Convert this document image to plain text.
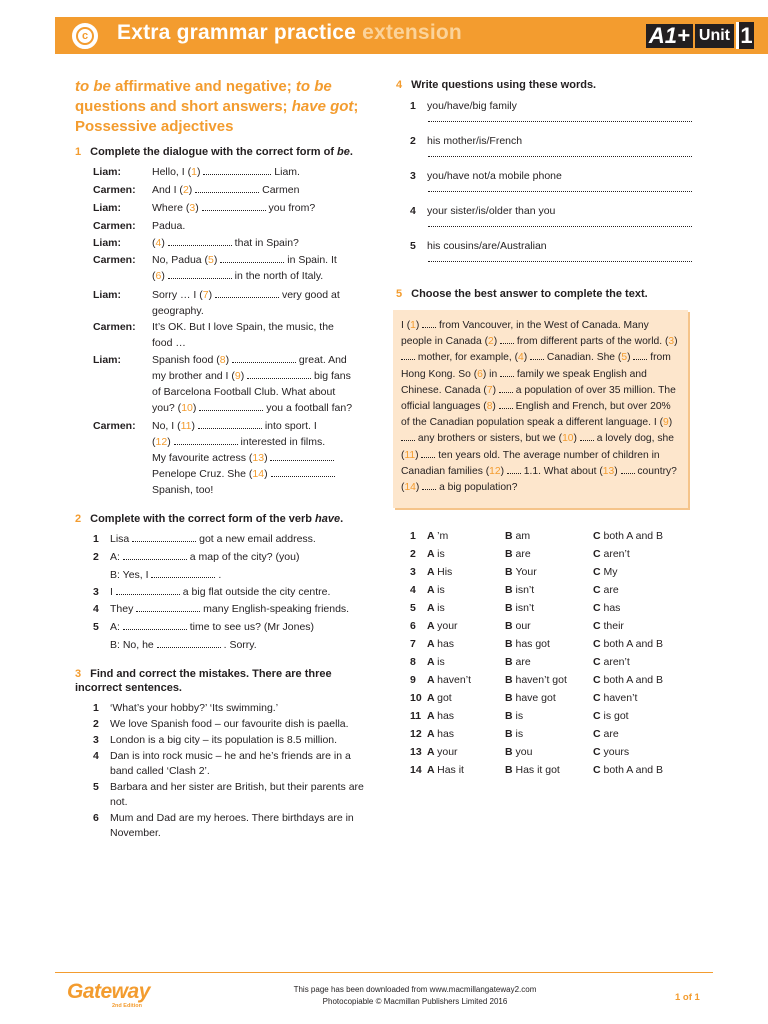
Extra grammar practice extension	A1+ Unit 1
c
to be affirmative and negative; to be questions and short answers; have got; Possessive adjectives
1 Complete the dialogue with the correct form of be.
Liam:	Hello, I (1)	Liam.
Carmen: And I (2)	Carmen
Liam:	Where (3)	you from?
Carmen: Padua.
Liam:	(4)	that in Spain?
Carmen: No, Padua (5)	in Spain. It
(6)	in the north of Italy.
Liam:	Sorry … I (7)	very good at
geography.
Carmen: It’s OK. But I love Spain, the music, the
food …
Liam:	Spanish food (8)	great. And
my brother and I (9)	big fans
of Barcelona Football Club. What about
you? (10)	you a football fan?
Carmen: No, I (11)	into sport. I
(12)	interested in films.
My favourite actress (13)
Penelope Cruz. She (14)
Spanish, too!
2 Complete with the correct form of the verb have.
1 Lisa	got a new email address.
2 A:	a map of the city? (you)
B: Yes, I	.
3 I	a big flat outside the city centre.
4 They	many English-speaking friends.
5 A:	time to see us? (Mr Jones)
B: No, he	. Sorry.
3 Find and correct the mistakes. There are three incorrect sentences.
1 ‘What’s your hobby?’ ‘Its swimming.’
2 We love Spanish food – our favourite dish is paella.
3 London is a big city – its population is 8.5 million.
4 Dan is into rock music – he and he’s friends are in a band called ‘Clash 2’.
5 Barbara and her sister are British, but their parents are not.
6 Mum and Dad are my heroes. There birthdays are in November.
4 Write questions using these words.
1 you/have/big family
2 his mother/is/French
3 you/have not/a mobile phone
4 your sister/is/older than you
5 his cousins/are/Australian
5 Choose the best answer to complete the text.
I (1)  from Vancouver, in the West of Canada. Many people in Canada (2)  from different parts of the world. (3)  mother, for example, (4)  Canadian. She (5)  from Hong Kong. So (6) in  family we speak English and Chinese. Canada (7)  a population of over 35 million. The official languages (8)  English and French, but over 20% of the Canadian population speak a different language. I (9)  any brothers or sisters, but we (10)  a lovely dog, she (11)  ten years old. The average number of children in Canadian families (12)  1.1. What about (13)  country? (14)  a big population?
1 A ’m	B am	C both A and B
2 A is	B are	C aren’t
3 A His	B Your	C My
4 A is	B isn’t	C are
5 A is	B isn’t	C has
6 A your	B our	C their
7 A has	B has got	C both A and B
8 A is	B are	C aren’t
9 A haven’t	B haven’t got C both A and B
10 A got	B have got	C haven’t
11 A has	B is	C is got
12 A has	B is	C are
13 A your	B you	C yours
14 A Has it	B Has it got	C both A and B
Gateway
2nd Edition
This page has been downloaded from www.macmillangateway2.com
Photocopiable © Macmillan Publishers Limited 2016	1 of 1
